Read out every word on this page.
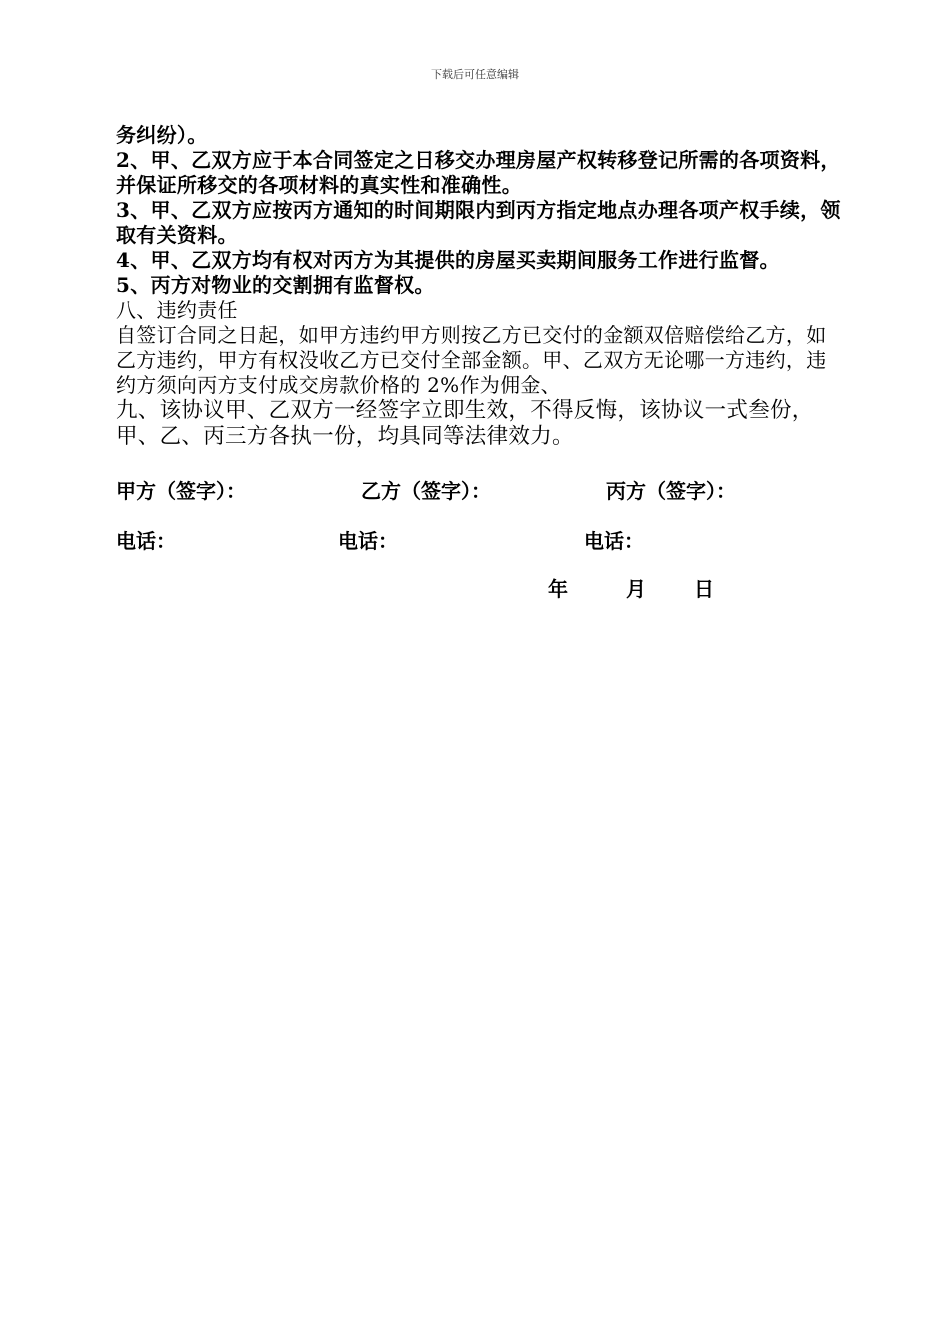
下载后可任意编辑

务纠纷）。

2、甲、乙双方应于本合同签定之日移交办理房屋产权转移登记所需的各项资料，并保证所移交的各项材料的真实性和准确性。

3、甲、乙双方应按丙方通知的时间期限内到丙方指定地点办理各项产权手续，领取有关资料。

4、甲、乙双方均有权对丙方为其提供的房屋买卖期间服务工作进行监督。

5、丙方对物业的交割拥有监督权。

八、违约责任

自签订合同之日起，如甲方违约甲方则按乙方已交付的金额双倍赔偿给乙方，如乙方违约，甲方有权没收乙方已交付全部金额。甲、乙双方无论哪一方违约，违约方须向丙方支付成交房款价格的 2%作为佣金、

九、该协议甲、乙双方一经签字立即生效，不得反悔，该协议一式叁份，甲、乙、丙三方各执一份，均具同等法律效力。

甲方（签字）：	乙方（签字）：	丙方（签字）：
电话：	电话：	电话：
年	月 日
